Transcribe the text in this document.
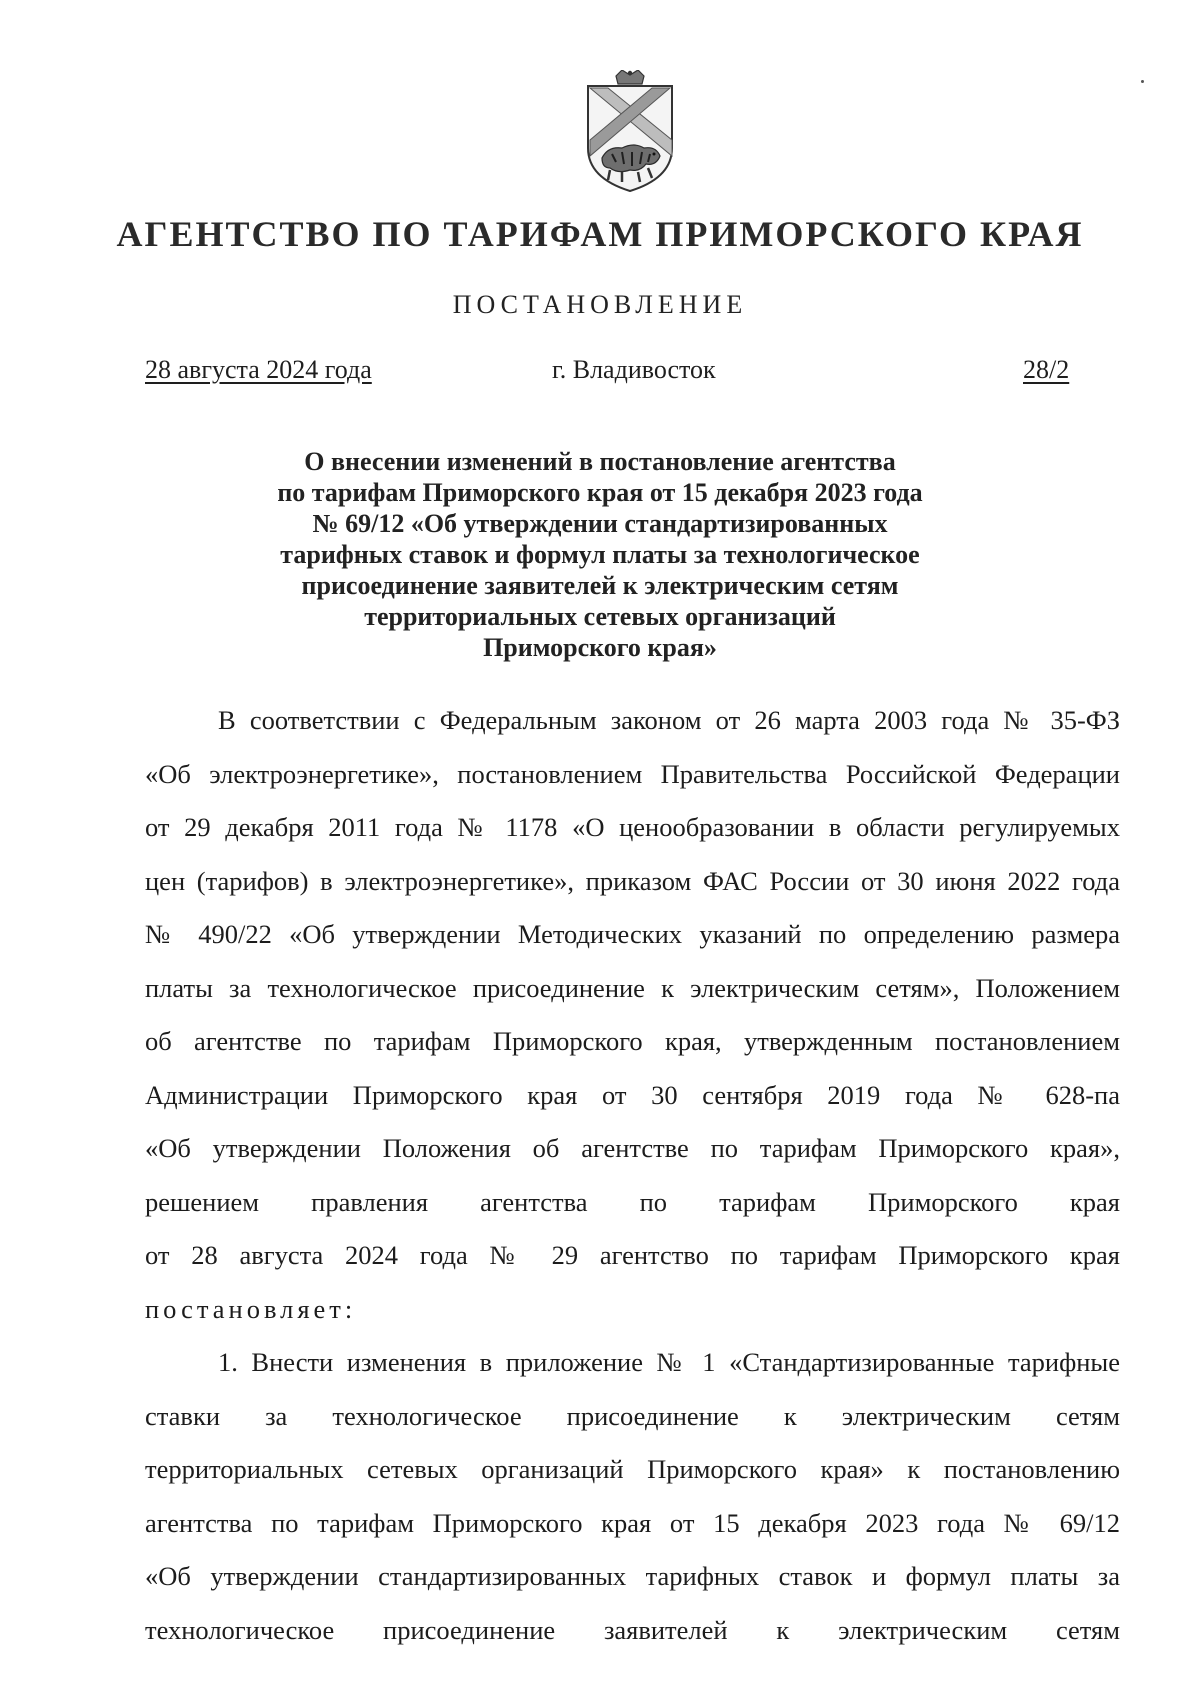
АГЕНТСТВО ПО ТАРИФАМ ПРИМОРСКОГО КРАЯ
ПОСТАНОВЛЕНИЕ
28 августа 2024 года	г. Владивосток	28/2
О внесении изменений в постановление агентства
по тарифам Приморского края от 15 декабря 2023 года
№ 69/12 «Об утверждении стандартизированных
тарифных ставок и формул платы за технологическое
присоединение заявителей к электрическим сетям
территориальных сетевых организаций
Приморского края»
В соответствии с Федеральным законом от 26 марта 2003 года № 35-ФЗ
«Об электроэнергетике», постановлением Правительства Российской Федерации
от 29 декабря 2011 года № 1178 «О ценообразовании в области регулируемых
цен (тарифов) в электроэнергетике», приказом ФАС России от 30 июня 2022 года
№ 490/22 «Об утверждении Методических указаний по определению размера
платы за технологическое присоединение к электрическим сетям», Положением
об агентстве по тарифам Приморского края, утвержденным постановлением
Администрации Приморского края от 30 сентября 2019 года № 628-па
«Об утверждении Положения об агентстве по тарифам Приморского края»,
решением правления агентства по тарифам Приморского края
от 28 августа 2024 года № 29 агентство по тарифам Приморского края
постановляет:
1. Внести изменения в приложение № 1 «Стандартизированные тарифные
ставки за технологическое присоединение к электрическим сетям
территориальных сетевых организаций Приморского края» к постановлению
агентства по тарифам Приморского края от 15 декабря 2023 года № 69/12
«Об утверждении стандартизированных тарифных ставок и формул платы за
технологическое присоединение заявителей к электрическим сетям
